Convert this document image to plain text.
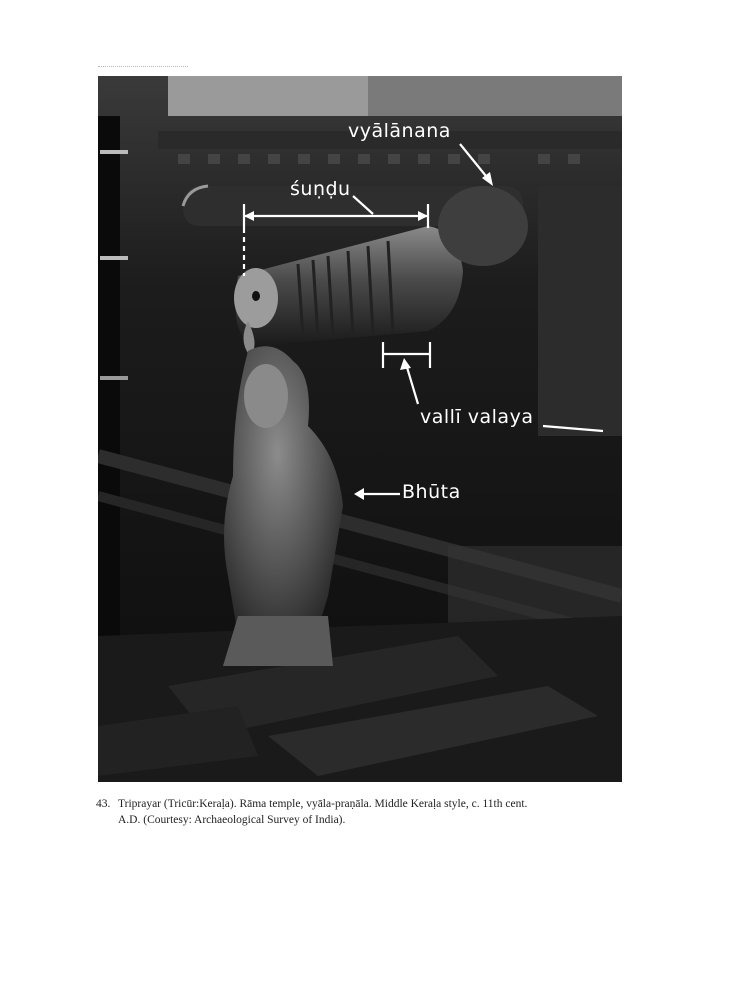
vyālānana
śuṇḍu
vallī valaya
Bhūta
43. Triprayar (Tricūr:Keraḷa). Rāma temple, vyāla-praṇāla. Middle Keraḷa style, c. 11th cent.
A.D. (Courtesy: Archaeological Survey of India).
